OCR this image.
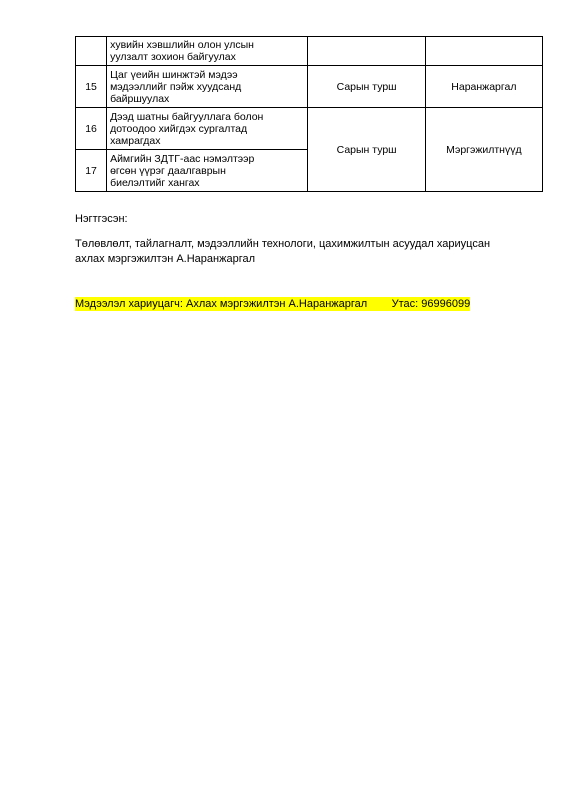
	хувийн хэвшлийн олон улсын
уулзалт зохион байгуулах		

15	Цаг үеийн шинжтэй мэдээ
мэдээллийг пэйж хуудсанд
байршуулах	Сарын турш	Наранжаргал
16	Дээд шатны байгууллага болон
дотоодоо хийгдэх сургалтад
хамрагдах	Сарын турш	Мэргэжилтнүүд
17	Аймгийн ЗДТГ-аас нэмэлтээр
өгсөн үүрэг даалгаврын
биелэлтийг хангах		
Нэгтгэсэн:
Төлөвлөлт, тайлагналт, мэдээллийн технологи, цахимжилтын асуудал хариуцсан
ахлах мэргэжилтэн А.Наранжаргал
Мэдээлэл хариуцагч: Ахлах мэргэжилтэн А.Наранжаргал Утас: 96996099
